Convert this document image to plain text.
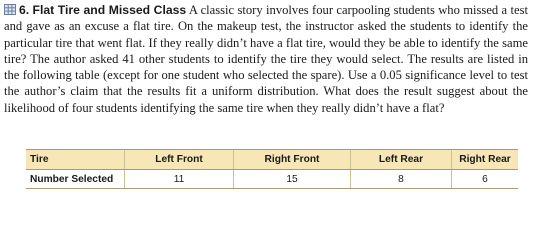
6. Flat Tire and Missed Class A classic story involves four carpooling students who missed a test and gave as an excuse a flat tire. On the makeup test, the instructor asked the students to identify the particular tire that went flat. If they really didn’t have a flat tire, would they be able to identify the same tire? The author asked 41 other students to identify the tire they would select. The results are listed in the following table (except for one student who selected the spare). Use a 0.05 significance level to test the author’s claim that the results fit a uniform distribution. What does the result suggest about the likelihood of four students identifying the same tire when they really didn’t have a flat?
Tire	Left Front	Right Front	Left Rear	Right Rear
Number Selected	11	15	8	6
